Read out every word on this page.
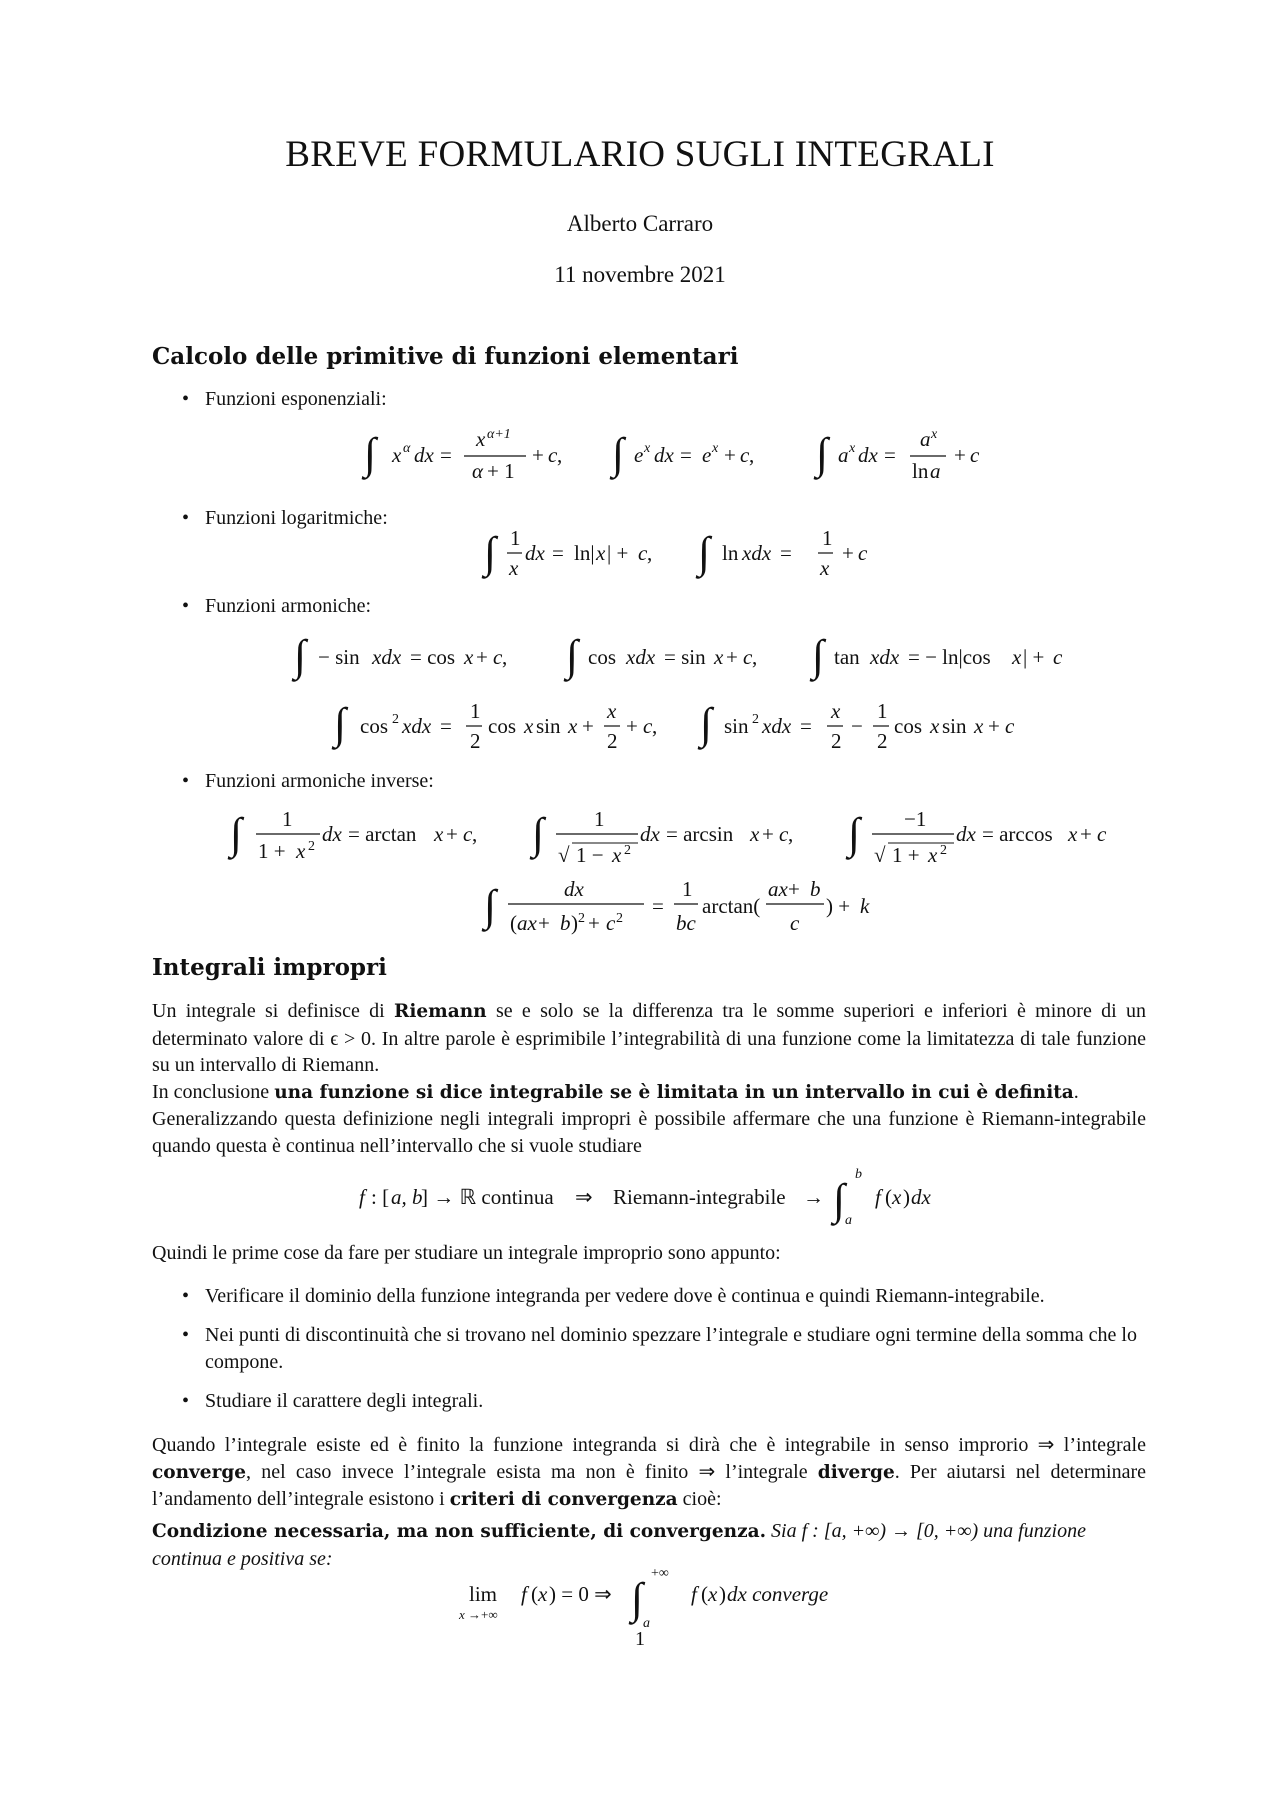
BREVE FORMULARIO SUGLI INTEGRALI
Alberto Carraro
11 novembre 2021
Calcolo delle primitive di funzioni elementari
• Funzioni esponenziali:
∫ x α dx =
x α+1
α + 1
+ c , ∫ e x dx = e x + c , ∫ a x dx =
a x
ln a
+ c
• Funzioni logaritmiche:
∫ 1
x
dx = ln| x | + c , ∫ ln xdx =
1
x
+ c
• Funzioni armoniche:
∫ − sin xdx = cos x + c , ∫ cos xdx = sin x + c , ∫ tan xdx = − ln|cos x | + c
∫ cos 2 xdx =
1
2
cos x sin x +
x
2
+ c , ∫ sin 2 xdx =
x
2
−
1
2
cos x sin x + c
• Funzioni armoniche inverse:
∫ 1
1 + x 2
dx = arctan x + c , ∫ 1
√ 1 − x 2
dx = arcsin x + c , ∫ −1
√ 1 + x 2
dx = arccos x + c
∫	dx
( ax + b ) 2 + c 2
=
1
bc
arctan(
ax + b
c
) + k
Integrali impropri
Un integrale si definisce di Riemann se e solo se la differenza tra le somme superiori e inferiori è minore di un determinato valore di ϵ > 0. In altre parole è esprimibile l’integrabilità di una funzione come la limitatezza di tale funzione su un intervallo di Riemann.
In conclusione una funzione si dice integrabile se è limitata in un intervallo in cui è definita.
Generalizzando questa definizione negli integrali impropri è possibile affermare che una funzione è Riemann-integrabile quando questa è continua nell’intervallo che si vuole studiare
f : [ a, b
] → ℝ continua ⇒ Riemann-integrabile → ∫
b
a
f ( x ) dx
Quindi le prime cose da fare per studiare un integrale improprio sono appunto:
• Verificare il dominio della funzione integranda per vedere dove è continua e quindi Riemann-integrabile.
• Nei punti di discontinuità che si trovano nel dominio spezzare l’integrale e studiare ogni termine della somma che lo compone.
• Studiare il carattere degli integrali.
Quando l’integrale esiste ed è finito la funzione integranda si dirà che è integrabile in senso improrio ⇒ l’integrale converge, nel caso invece l’integrale esista ma non è finito ⇒ l’integrale diverge. Per aiutarsi nel determinare l’andamento dell’integrale esistono i criteri di convergenza cioè:
Condizione necessaria, ma non sufficiente, di convergenza. Sia f : [a, +∞) → [0, +∞) una funzione continua e positiva se:
lim
x →+∞
f ( x ) = 0 ⇒ ∫
+∞
a
f ( x ) dx converge
1
